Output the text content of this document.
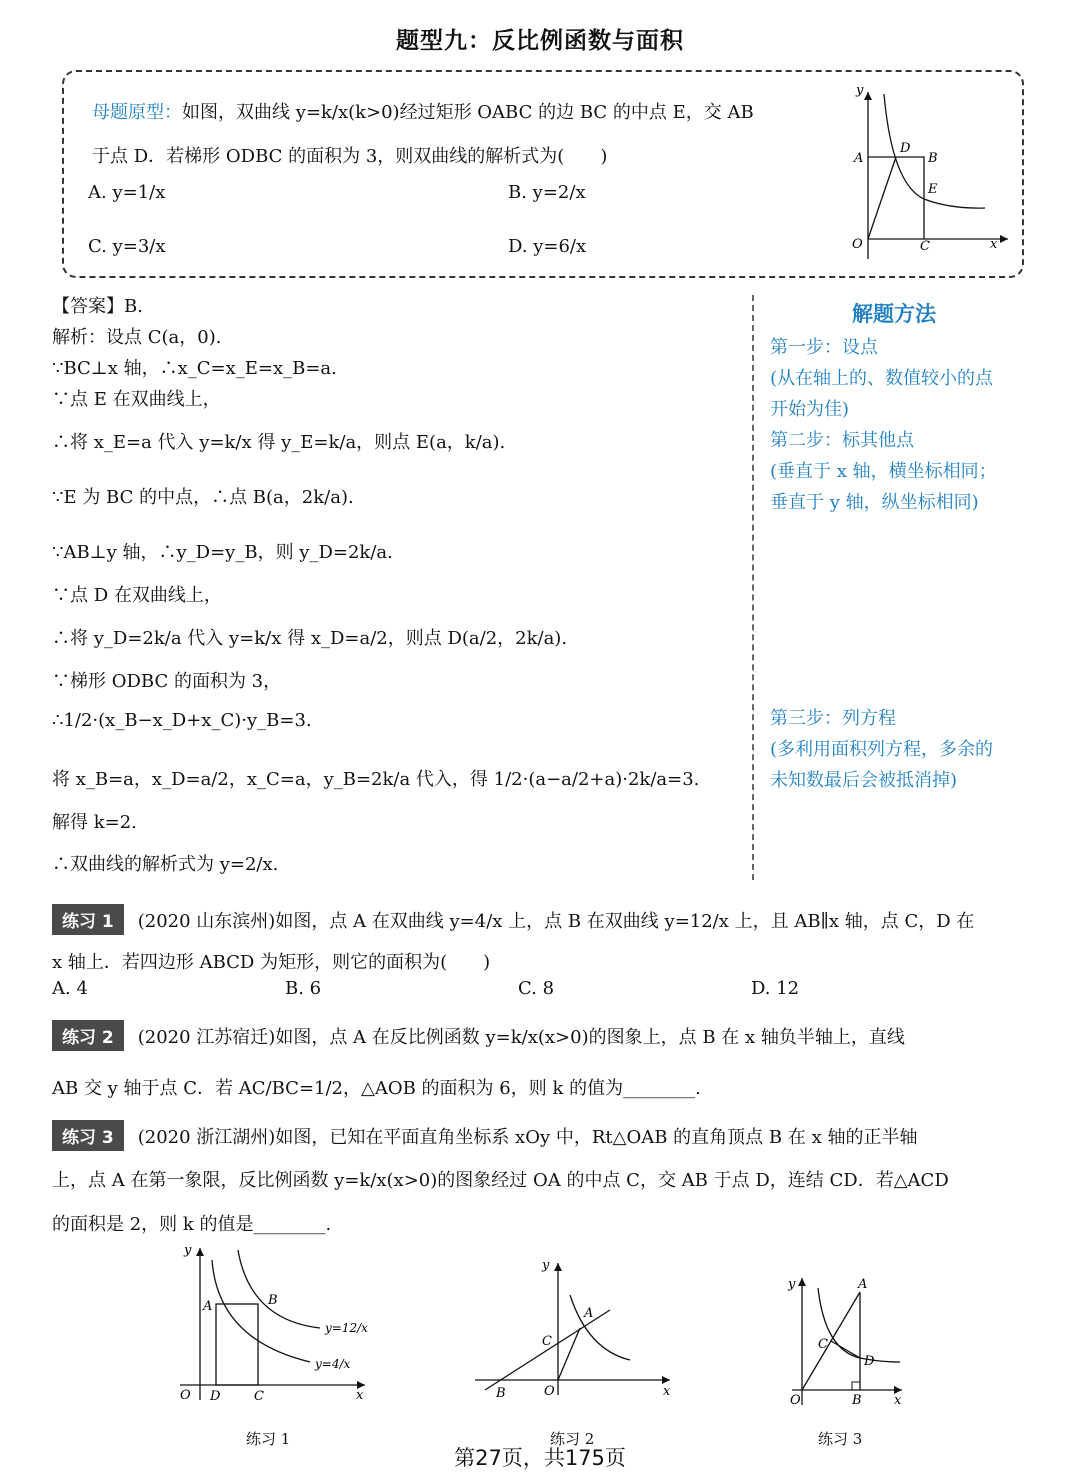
题型九：反比例函数与面积
母题原型：如图，双曲线 y=k/x(k>0)经过矩形 OABC 的边 BC 的中点 E，交 AB
于点 D．若梯形 ODBC 的面积为 3，则双曲线的解析式为(　　)
A. y=1/x	B. y=2/x
C. y=3/x	D. y=6/x
y
x
O
A	B
C
D
E
【答案】B.
解析：设点 C(a，0).
∵BC⊥x 轴，∴x_C=x_E=x_B=a.
∵点 E 在双曲线上，
∴将 x_E=a 代入 y=k/x 得 y_E=k/a，则点 E(a，k/a).
∵E 为 BC 的中点，∴点 B(a，2k/a).
∵AB⊥y 轴，∴y_D=y_B，则 y_D=2k/a.
∵点 D 在双曲线上，
∴将 y_D=2k/a 代入 y=k/x 得 x_D=a/2，则点 D(a/2，2k/a).
∵梯形 ODBC 的面积为 3，
∴1/2·(x_B−x_D+x_C)·y_B=3.
将 x_B=a，x_D=a/2，x_C=a，y_B=2k/a 代入，得 1/2·(a−a/2+a)·2k/a=3.
解得 k=2.
∴双曲线的解析式为 y=2/x.
解题方法
第一步：设点
(从在轴上的、数值较小的点
开始为佳)
第二步：标其他点
(垂直于 x 轴，横坐标相同；
垂直于 y 轴，纵坐标相同)
第三步：列方程
(多利用面积列方程，多余的
未知数最后会被抵消掉)
练习 1 (2020 山东滨州)如图，点 A 在双曲线 y=4/x 上，点 B 在双曲线 y=12/x 上，且 AB∥x 轴，点 C，D 在
x 轴上．若四边形 ABCD 为矩形，则它的面积为(　　)
A. 4	B. 6	C. 8	D. 12
练习 2 (2020 江苏宿迁)如图，点 A 在反比例函数 y=k/x(x>0)的图象上，点 B 在 x 轴负半轴上，直线
AB 交 y 轴于点 C．若 AC/BC=1/2，△AOB 的面积为 6，则 k 的值为________.
练习 3 (2020 浙江湖州)如图，已知在平面直角坐标系 xOy 中，Rt△OAB 的直角顶点 B 在 x 轴的正半轴
上，点 A 在第一象限，反比例函数 y=k/x(x>0)的图象经过 OA 的中点 C，交 AB 于点 D，连结 CD．若△ACD
的面积是 2，则 k 的值是________.
y
x
O
A	B
C
D
y=12/x
y=4/x
练习 1
y
x
O
A
B
C
练习 2
y
x
O
A
B
C
D
练习 3
第27页，共175页
